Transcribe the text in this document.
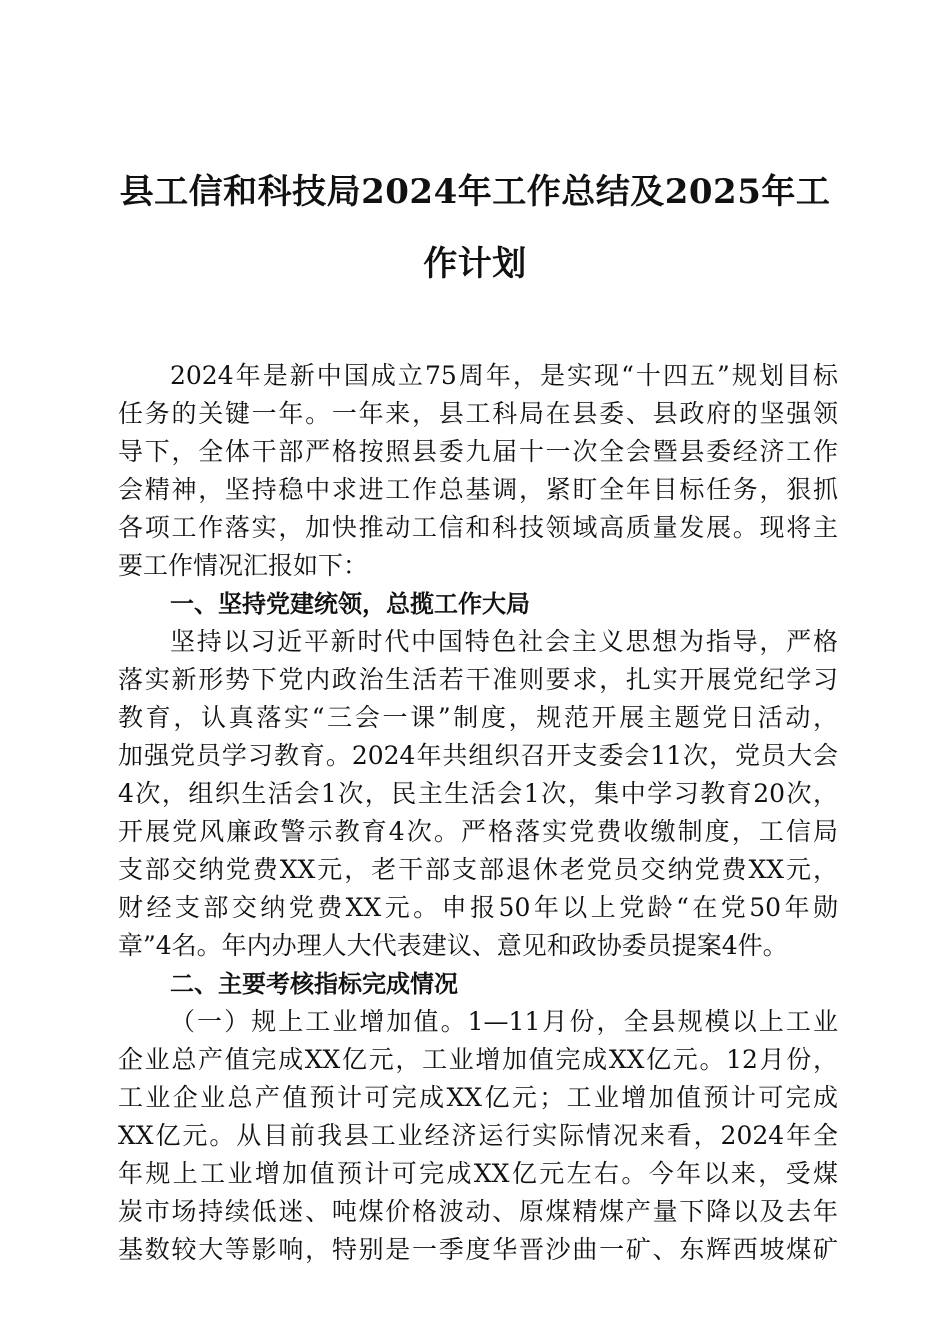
县工信和科技局2024年工作总结及2025年工
作计划
2024年是新中国成立75周年，是实现“十四五”规划目标
任务的关键一年。一年来，县工科局在县委、县政府的坚强领
导下，全体干部严格按照县委九届十一次全会暨县委经济工作
会精神，坚持稳中求进工作总基调，紧盯全年目标任务，狠抓
各项工作落实，加快推动工信和科技领域高质量发展。现将主
要工作情况汇报如下：
一、坚持党建统领，总揽工作大局
坚持以习近平新时代中国特色社会主义思想为指导，严格
落实新形势下党内政治生活若干准则要求，扎实开展党纪学习
教育，认真落实“三会一课”制度，规范开展主题党日活动，
加强党员学习教育。2024年共组织召开支委会11次，党员大会
4次，组织生活会1次，民主生活会1次，集中学习教育20次，
开展党风廉政警示教育4次。严格落实党费收缴制度，工信局
支部交纳党费XX元，老干部支部退休老党员交纳党费XX元，
财经支部交纳党费XX元。申报50年以上党龄“在党50年勋
章”4名。年内办理人大代表建议、意见和政协委员提案4件。
二、主要考核指标完成情况
（一）规上工业增加值。1—11月份，全县规模以上工业
企业总产值完成XX亿元，工业增加值完成XX亿元。12月份，
工业企业总产值预计可完成XX亿元；工业增加值预计可完成
XX亿元。从目前我县工业经济运行实际情况来看，2024年全
年规上工业增加值预计可完成XX亿元左右。今年以来，受煤
炭市场持续低迷、吨煤价格波动、原煤精煤产量下降以及去年
基数较大等影响，特别是一季度华晋沙曲一矿、东辉西坡煤矿
